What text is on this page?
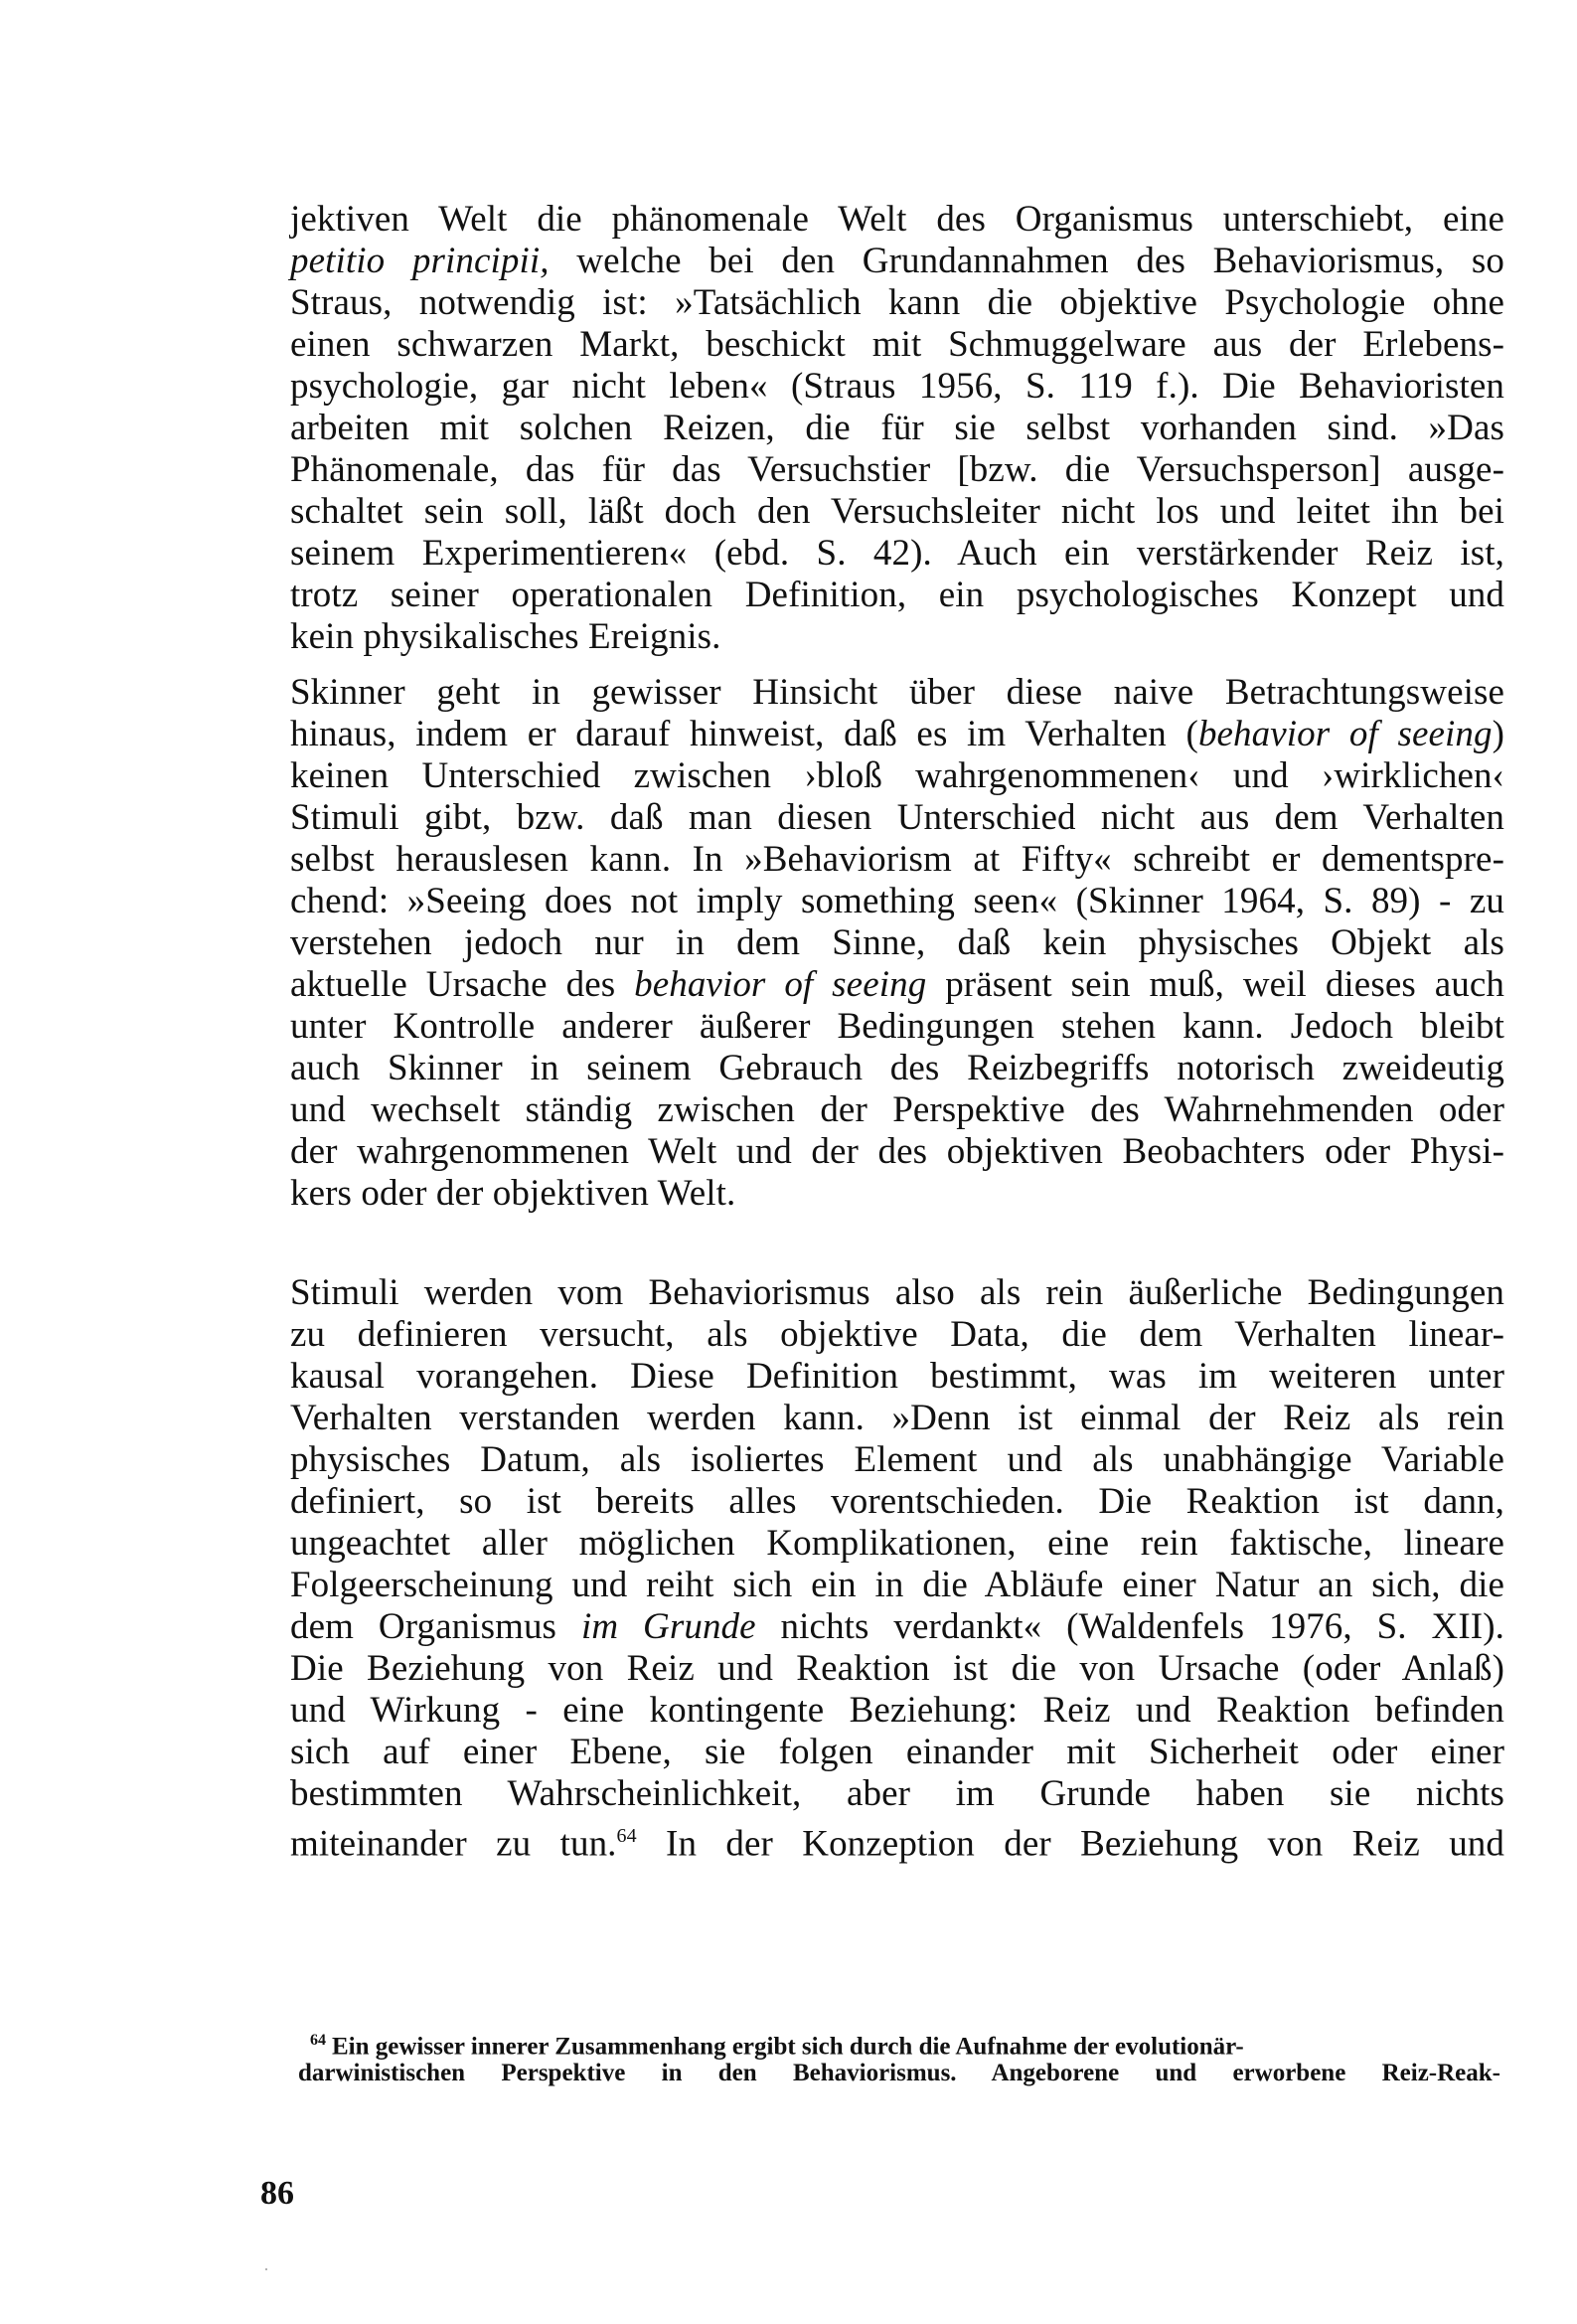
jektiven Welt die phänomenale Welt des Organismus unterschiebt, eine
petitio principii, welche bei den Grundannahmen des Behaviorismus, so
Straus, notwendig ist: »Tatsächlich kann die objektive Psychologie ohne
einen schwarzen Markt, beschickt mit Schmuggelware aus der Erlebens-
psychologie, gar nicht leben« (Straus 1956, S. 119 f.). Die Behavioristen
arbeiten mit solchen Reizen, die für sie selbst vorhanden sind. »Das
Phänomenale, das für das Versuchstier [bzw. die Versuchsperson] ausge-
schaltet sein soll, läßt doch den Versuchsleiter nicht los und leitet ihn bei
seinem Experimentieren« (ebd. S. 42). Auch ein verstärkender Reiz ist,
trotz seiner operationalen Definition, ein psychologisches Konzept und
kein physikalisches Ereignis.
Skinner geht in gewisser Hinsicht über diese naive Betrachtungsweise
hinaus, indem er darauf hinweist, daß es im Verhalten (behavior of seeing)
keinen Unterschied zwischen ›bloß wahrgenommenen‹ und ›wirklichen‹
Stimuli gibt, bzw. daß man diesen Unterschied nicht aus dem Verhalten
selbst herauslesen kann. In »Behaviorism at Fifty« schreibt er dementspre-
chend: »Seeing does not imply something seen« (Skinner 1964, S. 89) - zu
verstehen jedoch nur in dem Sinne, daß kein physisches Objekt als
aktuelle Ursache des behavior of seeing präsent sein muß, weil dieses auch
unter Kontrolle anderer äußerer Bedingungen stehen kann. Jedoch bleibt
auch Skinner in seinem Gebrauch des Reizbegriffs notorisch zweideutig
und wechselt ständig zwischen der Perspektive des Wahrnehmenden oder
der wahrgenommenen Welt und der des objektiven Beobachters oder Physi-
kers oder der objektiven Welt.
Stimuli werden vom Behaviorismus also als rein äußerliche Bedingungen
zu definieren versucht, als objektive Data, die dem Verhalten linear-
kausal vorangehen. Diese Definition bestimmt, was im weiteren unter
Verhalten verstanden werden kann. »Denn ist einmal der Reiz als rein
physisches Datum, als isoliertes Element und als unabhängige Variable
definiert, so ist bereits alles vorentschieden. Die Reaktion ist dann,
ungeachtet aller möglichen Komplikationen, eine rein faktische, lineare
Folgeerscheinung und reiht sich ein in die Abläufe einer Natur an sich, die
dem Organismus im Grunde nichts verdankt« (Waldenfels 1976, S. XII).
Die Beziehung von Reiz und Reaktion ist die von Ursache (oder Anlaß)
und Wirkung - eine kontingente Beziehung: Reiz und Reaktion befinden
sich auf einer Ebene, sie folgen einander mit Sicherheit oder einer
bestimmten Wahrscheinlichkeit, aber im Grunde haben sie nichts
miteinander zu tun.$^{64}$ In der Konzeption der Beziehung von Reiz und
$^{64}$ Ein gewisser innerer Zusammenhang ergibt sich durch die Aufnahme der evolutionär-
darwinistischen Perspektive in den Behaviorismus. Angeborene und erworbene Reiz-Reak-
86
